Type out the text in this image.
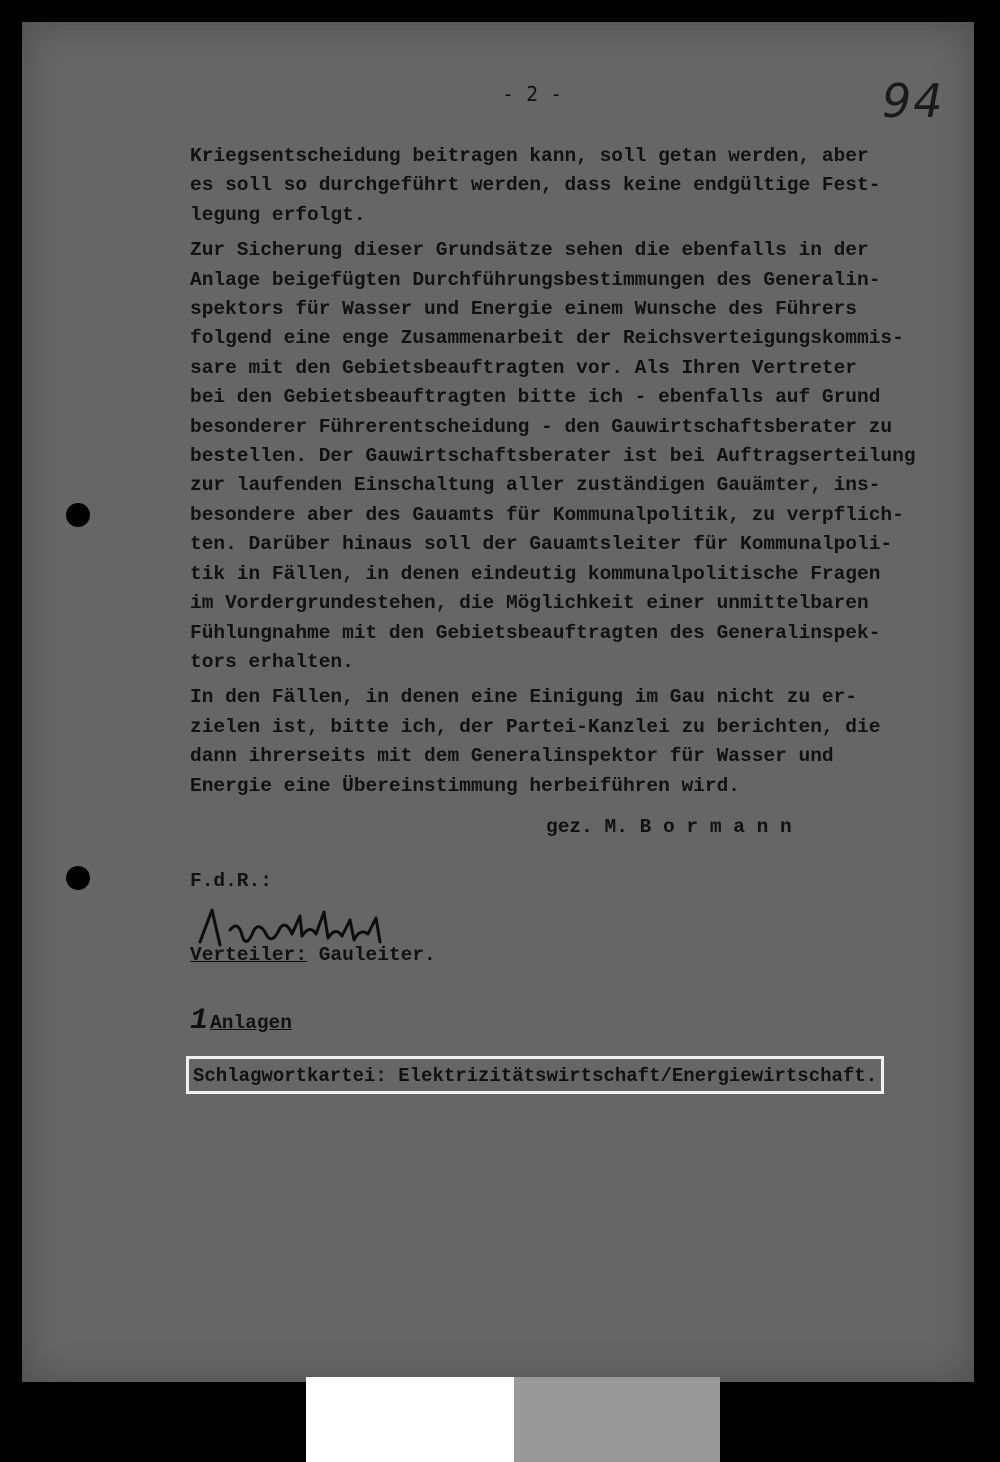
- 2 -	94
Kriegsentscheidung beitragen kann, soll getan werden, aber
es soll so durchgeführt werden, dass keine endgültige Fest-
legung erfolgt.
Zur Sicherung dieser Grundsätze sehen die ebenfalls in der
Anlage beigefügten Durchführungsbestimmungen des Generalin-
spektors für Wasser und Energie einem Wunsche des Führers
folgend eine enge Zusammenarbeit der Reichsverteigungskommis-
sare mit den Gebietsbeauftragten vor. Als Ihren Vertreter
bei den Gebietsbeauftragten bitte ich - ebenfalls auf Grund
besonderer Führerentscheidung - den Gauwirtschaftsberater zu
bestellen. Der Gauwirtschaftsberater ist bei Auftragserteilung
zur laufenden Einschaltung aller zuständigen Gauämter, ins-
besondere aber des Gauamts für Kommunalpolitik, zu verpflich-
ten. Darüber hinaus soll der Gauamtsleiter für Kommunalpoli-
tik in Fällen, in denen eindeutig kommunalpolitische Fragen
im Vordergrundestehen, die Möglichkeit einer unmittelbaren
Fühlungnahme mit den Gebietsbeauftragten des Generalinspek-
tors erhalten.
In den Fällen, in denen eine Einigung im Gau nicht zu er-
zielen ist, bitte ich, der Partei-Kanzlei zu berichten, die
dann ihrerseits mit dem Generalinspektor für Wasser und
Energie eine Übereinstimmung herbeiführen wird.
gez. M. B o r m a n n
F.d.R.:
Verteiler: Gauleiter.
1 Anlagen
Schlagwortkartei: Elektrizitätswirtschaft/Energiewirtschaft.
